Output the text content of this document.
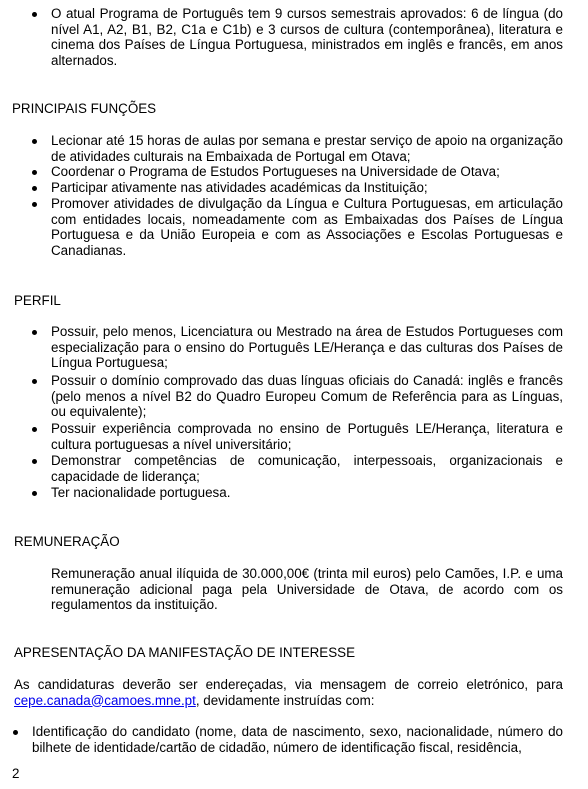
O atual Programa de Português tem 9 cursos semestrais aprovados: 6 de língua (do nível A1, A2, B1, B2, C1a e C1b) e 3 cursos de cultura (contemporânea), literatura e cinema dos Países de Língua Portuguesa, ministrados em inglês e francês, em anos alternados.
PRINCIPAIS FUNÇÕES
Lecionar até 15 horas de aulas por semana e prestar serviço de apoio na organização de atividades culturais na Embaixada de Portugal em Otava;
Coordenar o Programa de Estudos Portugueses na Universidade de Otava;
Participar ativamente nas atividades académicas da Instituição;
Promover atividades de divulgação da Língua e Cultura Portuguesas, em articulação com entidades locais, nomeadamente com as Embaixadas dos Países de Língua Portuguesa e da União Europeia e com as Associações e Escolas Portuguesas e Canadianas.
PERFIL
Possuir, pelo menos, Licenciatura ou Mestrado na área de Estudos Portugueses com especialização para o ensino do Português LE/Herança e das culturas dos Países de Língua Portuguesa;
Possuir o domínio comprovado das duas línguas oficiais do Canadá: inglês e francês (pelo menos a nível B2 do Quadro Europeu Comum de Referência para as Línguas, ou equivalente);
Possuir experiência comprovada no ensino de Português LE/Herança, literatura e cultura portuguesas a nível universitário;
Demonstrar competências de comunicação, interpessoais, organizacionais e capacidade de liderança;
Ter nacionalidade portuguesa.
REMUNERAÇÃO
Remuneração anual ilíquida de 30.000,00€ (trinta mil euros) pelo Camões, I.P. e uma remuneração adicional paga pela Universidade de Otava, de acordo com os regulamentos da instituição.
APRESENTAÇÃO DA MANIFESTAÇÃO DE INTERESSE
As candidaturas deverão ser endereçadas, via mensagem de correio eletrónico, para cepe.canada@camoes.mne.pt, devidamente instruídas com:
Identificação do candidato (nome, data de nascimento, sexo, nacionalidade, número do bilhete de identidade/cartão de cidadão, número de identificação fiscal, residência,
2
